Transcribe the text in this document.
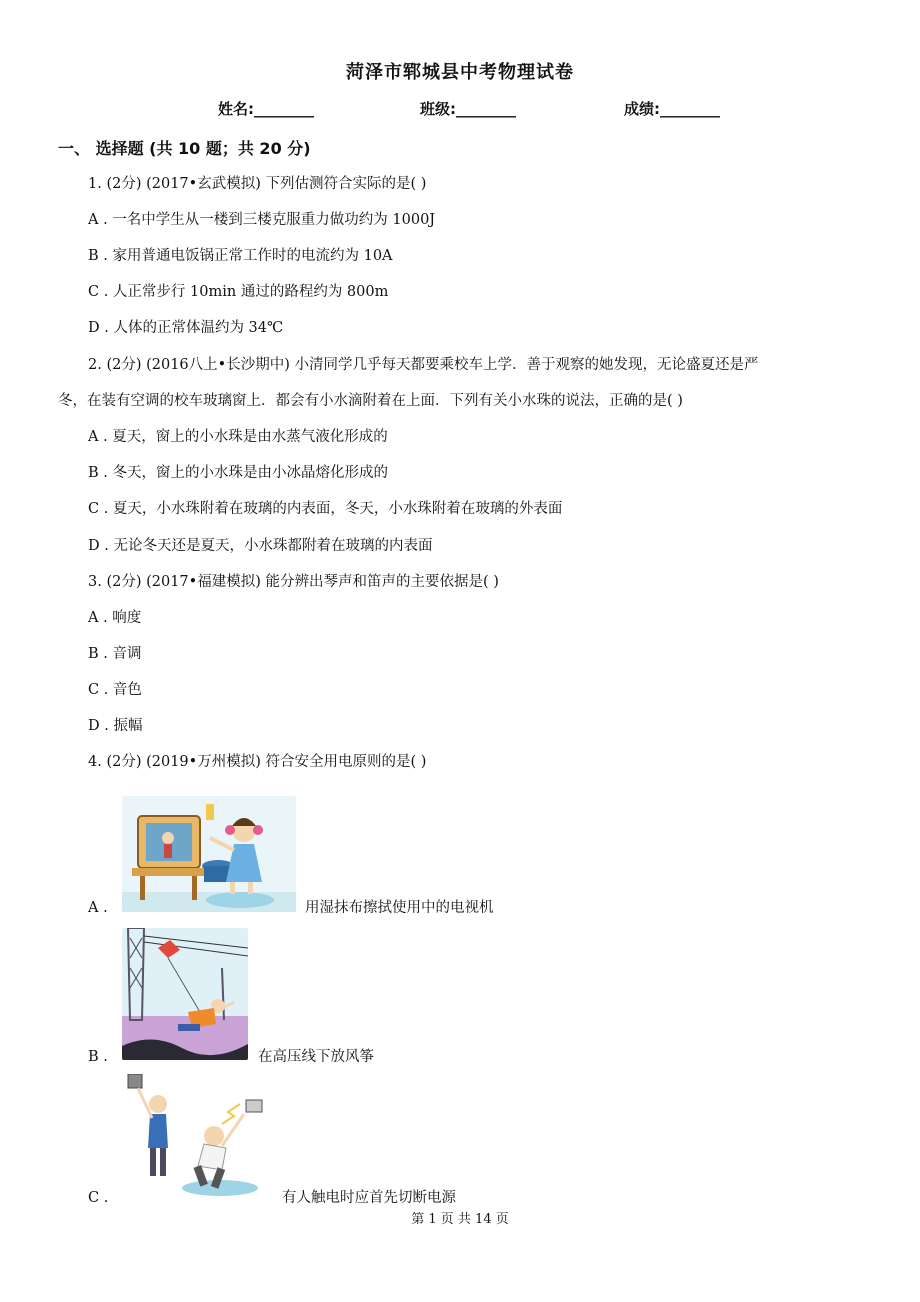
菏泽市郓城县中考物理试卷
姓名:________	班级:________	成绩:________
一、 选择题 (共 10 题；共 20 分)
1. (2分) (2017•玄武模拟) 下列估测符合实际的是( )
A . 一名中学生从一楼到三楼克服重力做功约为 1000J
B . 家用普通电饭锅正常工作时的电流约为 10A
C . 人正常步行 10min 通过的路程约为 800m
D . 人体的正常体温约为 34℃
2. (2分) (2016八上•长沙期中) 小清同学几乎每天都要乘校车上学．善于观察的她发现，无论盛夏还是严
冬，在装有空调的校车玻璃窗上．都会有小水滴附着在上面．下列有关小水珠的说法，正确的是( )
A . 夏天，窗上的小水珠是由水蒸气液化形成的
B . 冬天，窗上的小水珠是由小冰晶熔化形成的
C . 夏天，小水珠附着在玻璃的内表面，冬天，小水珠附着在玻璃的外表面
D . 无论冬天还是夏天，小水珠都附着在玻璃的内表面
3. (2分) (2017•福建模拟) 能分辨出琴声和笛声的主要依据是( )
A . 响度
B . 音调
C . 音色
D . 振幅
4. (2分) (2019•万州模拟) 符合安全用电原则的是( )
A .	用湿抹布擦拭使用中的电视机
B .	在高压线下放风筝
C .	有人触电时应首先切断电源
第 1 页 共 14 页
